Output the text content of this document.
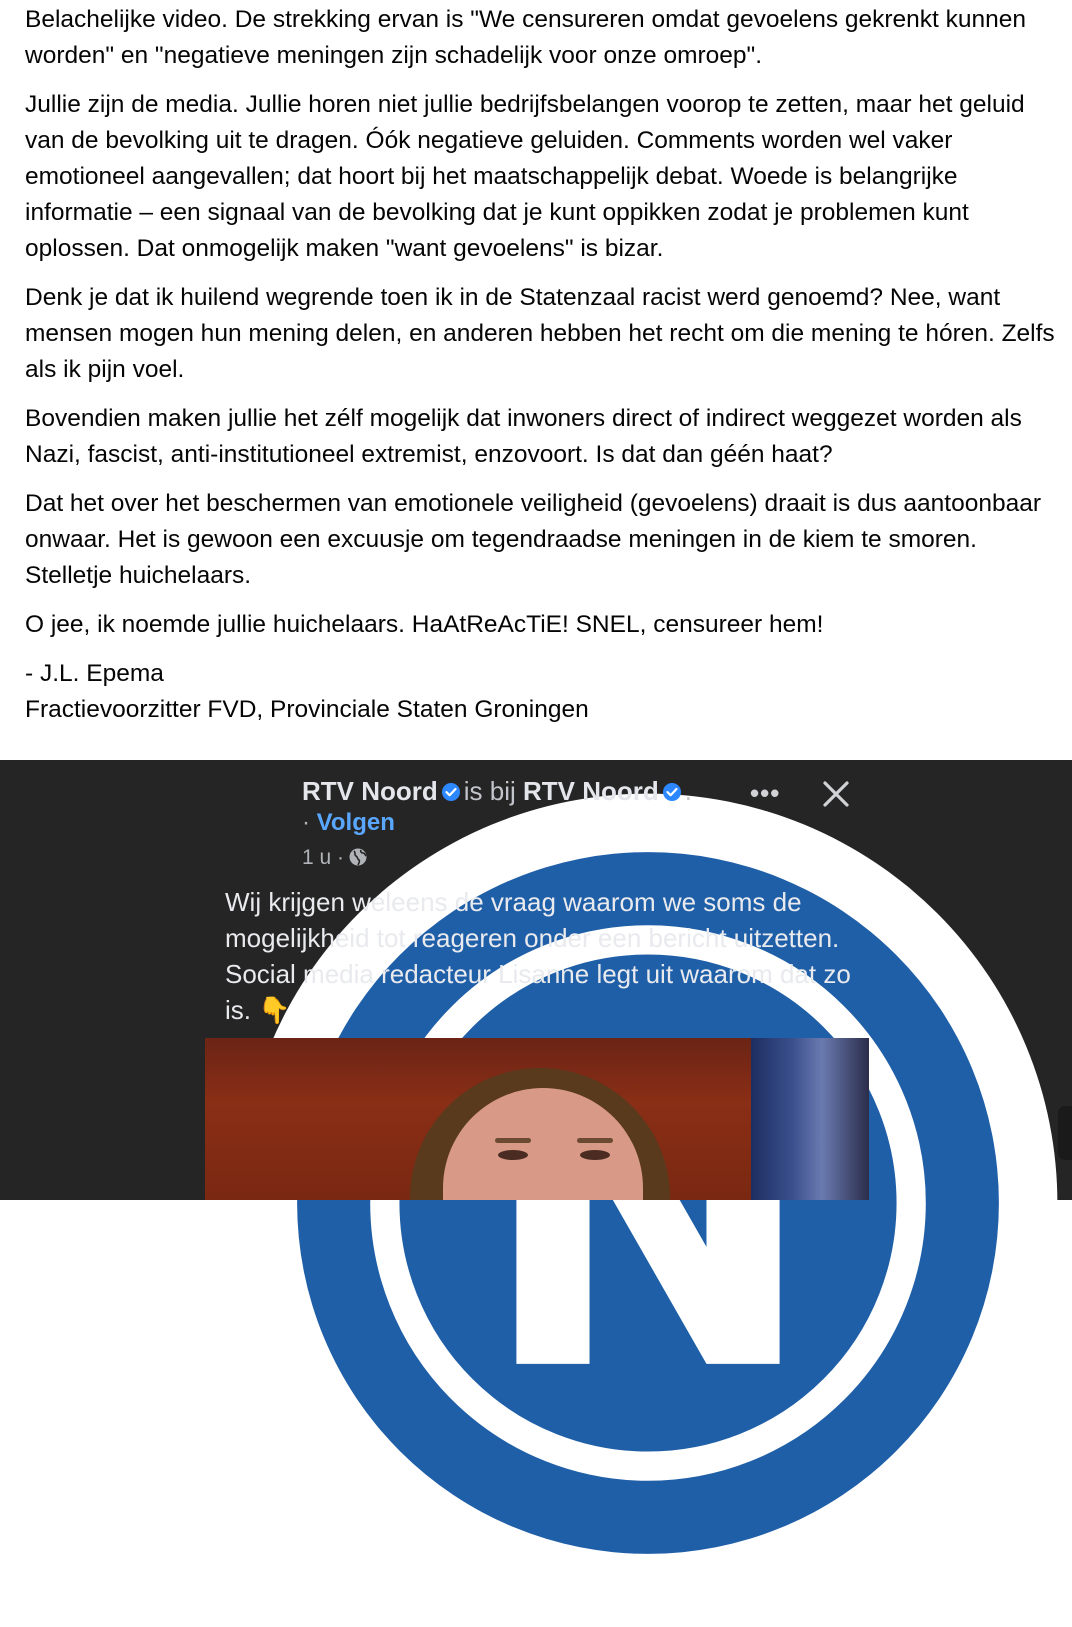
Belachelijke video. De strekking ervan is "We censureren omdat gevoelens gekrenkt kunnen worden" en "negatieve meningen zijn schadelijk voor onze omroep".

Jullie zijn de media. Jullie horen niet jullie bedrijfsbelangen voorop te zetten, maar het geluid van de bevolking uit te dragen. Óók negatieve geluiden. Comments worden wel vaker emotioneel aangevallen; dat hoort bij het maatschappelijk debat. Woede is belangrijke informatie – een signaal van de bevolking dat je kunt oppikken zodat je problemen kunt oplossen. Dat onmogelijk maken "want gevoelens" is bizar.

Denk je dat ik huilend wegrende toen ik in de Statenzaal racist werd genoemd? Nee, want mensen mogen hun mening delen, en anderen hebben het recht om die mening te hóren. Zelfs als ik pijn voel.

Bovendien maken jullie het zélf mogelijk dat inwoners direct of indirect weggezet worden als Nazi, fascist, anti-institutioneel extremist, enzovoort. Is dat dan géén haat?

Dat het over het beschermen van emotionele veiligheid (gevoelens) draait is dus aantoonbaar onwaar. Het is gewoon een excuusje om tegendraadse meningen in de kiem te smoren. Stelletje huichelaars.

O jee, ik noemde jullie huichelaars. HaAtReAcTiE! SNEL, censureer hem!

- J.L. Epema

Fractievoorzitter FVD, Provinciale Staten Groningen

RTV Noord is bij RTV Noord . •••
· Volgen
1 u ·
Wij krijgen weleens de vraag waarom we soms de mogelijkheid tot reageren onder een bericht uitzetten. Social media redacteur Lisanne legt uit waarom dat zo is. 👇
